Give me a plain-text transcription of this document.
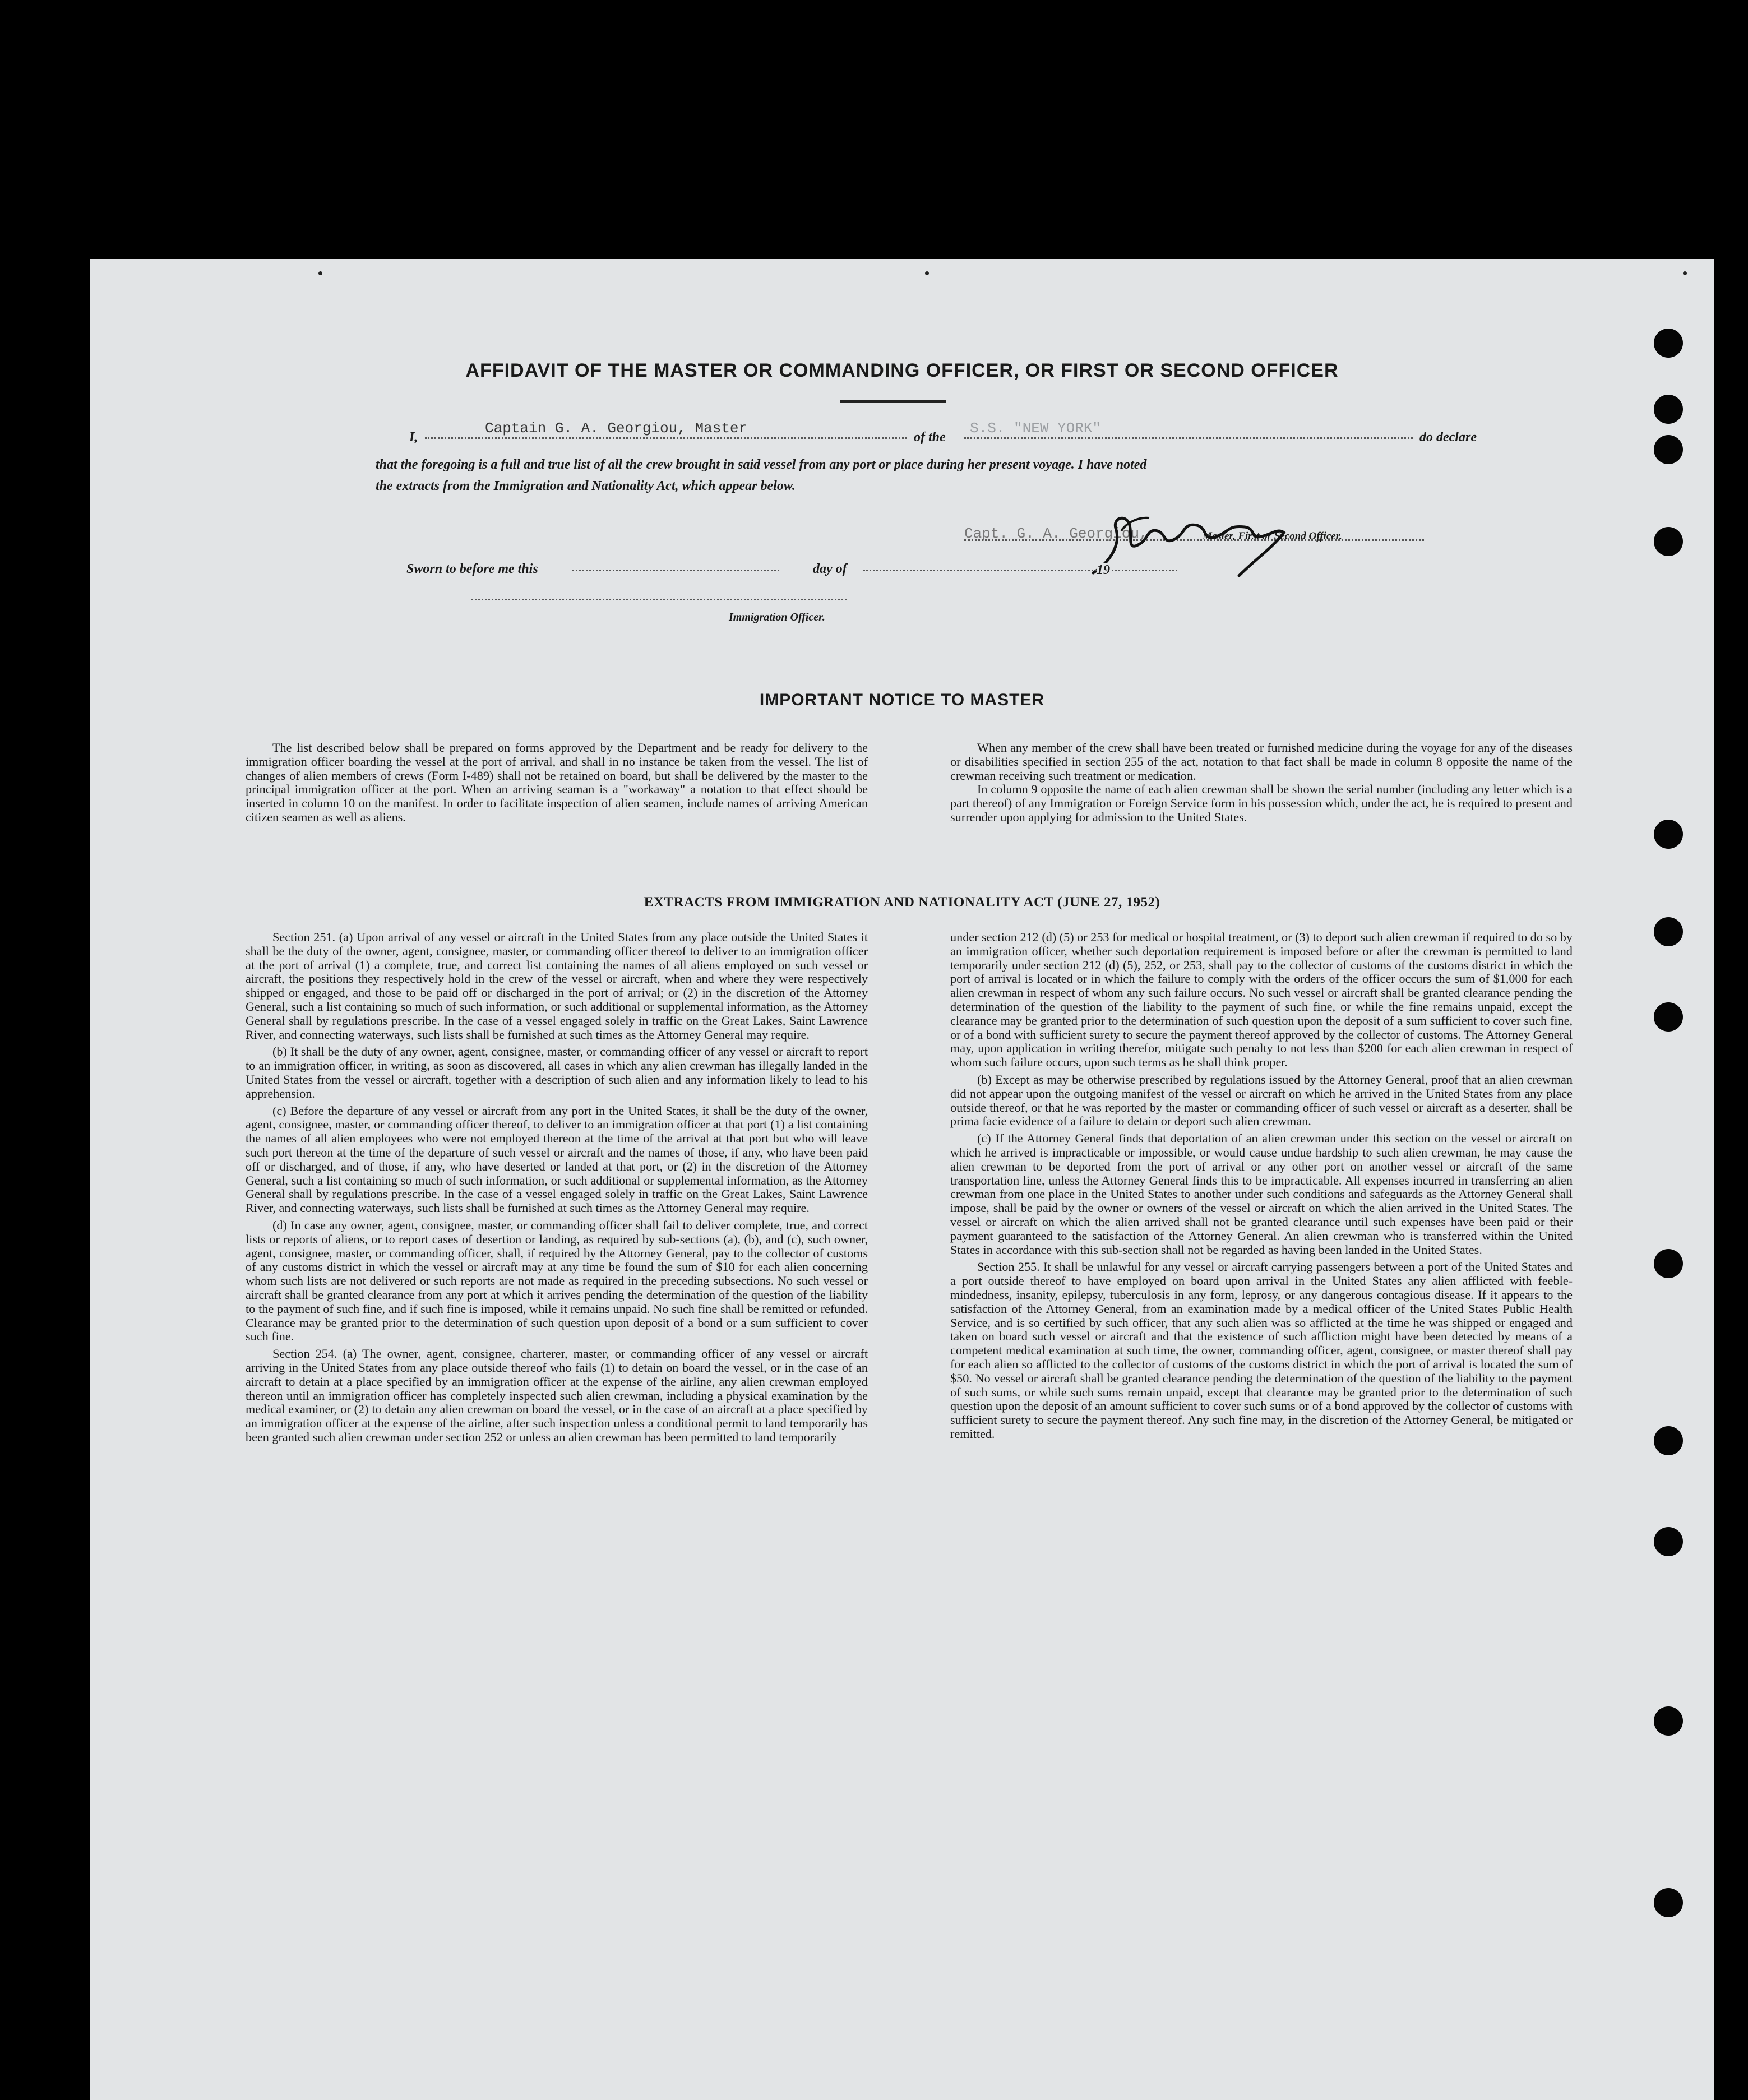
AFFIDAVIT OF THE MASTER OR COMMANDING OFFICER, OR FIRST OR SECOND OFFICER
I,
Captain G. A. Georgiou, Master
of the
S.S. "NEW YORK"
do declare
that the foregoing is a full and true list of all the crew brought in said vessel from any port or place during her present voyage. I have noted
the extracts from the Immigration and Nationality Act, which appear below.
Capt. G. A. Georgiou,	Master, First or Second Officer.
Sworn to before me this	day of	19
Immigration Officer.
IMPORTANT NOTICE TO MASTER

The list described below shall be prepared on forms approved by the Department and be ready for delivery to the immigration officer boarding the vessel at the port of arrival, and shall in no instance be taken from the vessel. The list of changes of alien members of crews (Form I-489) shall not be retained on board, but shall be delivered by the master to the principal immigration officer at the port. When an arriving seaman is a "workaway" a notation to that effect should be inserted in column 10 on the manifest. In order to facilitate inspection of alien seamen, include names of arriving American citizen seamen as well as aliens.

When any member of the crew shall have been treated or furnished medicine during the voyage for any of the diseases or disabilities specified in section 255 of the act, notation to that fact shall be made in column 8 opposite the name of the crewman receiving such treatment or medication.

In column 9 opposite the name of each alien crewman shall be shown the serial number (including any letter which is a part thereof) of any Immigration or Foreign Service form in his possession which, under the act, he is required to present and surrender upon applying for admission to the United States.

EXTRACTS FROM IMMIGRATION AND NATIONALITY ACT (JUNE 27, 1952)

Section 251. (a) Upon arrival of any vessel or aircraft in the United States from any place outside the United States it shall be the duty of the owner, agent, consignee, master, or commanding officer thereof to deliver to an immigration officer at the port of arrival (1) a complete, true, and correct list containing the names of all aliens employed on such vessel or aircraft, the positions they respectively hold in the crew of the vessel or aircraft, when and where they were respectively shipped or engaged, and those to be paid off or discharged in the port of arrival; or (2) in the discretion of the Attorney General, such a list containing so much of such information, or such additional or supplemental information, as the Attorney General shall by regulations prescribe. In the case of a vessel engaged solely in traffic on the Great Lakes, Saint Lawrence River, and connecting waterways, such lists shall be furnished at such times as the Attorney General may require.

(b) It shall be the duty of any owner, agent, consignee, master, or commanding officer of any vessel or aircraft to report to an immigration officer, in writing, as soon as discovered, all cases in which any alien crewman has illegally landed in the United States from the vessel or aircraft, together with a description of such alien and any information likely to lead to his apprehension.

(c) Before the departure of any vessel or aircraft from any port in the United States, it shall be the duty of the owner, agent, consignee, master, or commanding officer thereof, to deliver to an immigration officer at that port (1) a list containing the names of all alien employees who were not employed thereon at the time of the arrival at that port but who will leave such port thereon at the time of the departure of such vessel or aircraft and the names of those, if any, who have been paid off or discharged, and of those, if any, who have deserted or landed at that port, or (2) in the discretion of the Attorney General, such a list containing so much of such information, or such additional or supplemental information, as the Attorney General shall by regulations prescribe. In the case of a vessel engaged solely in traffic on the Great Lakes, Saint Lawrence River, and connecting waterways, such lists shall be furnished at such times as the Attorney General may require.

(d) In case any owner, agent, consignee, master, or commanding officer shall fail to deliver complete, true, and correct lists or reports of aliens, or to report cases of desertion or landing, as required by sub-sections (a), (b), and (c), such owner, agent, consignee, master, or commanding officer, shall, if required by the Attorney General, pay to the collector of customs of any customs district in which the vessel or aircraft may at any time be found the sum of $10 for each alien concerning whom such lists are not delivered or such reports are not made as required in the preceding subsections. No such vessel or aircraft shall be granted clearance from any port at which it arrives pending the determination of the question of the liability to the payment of such fine, and if such fine is imposed, while it remains unpaid. No such fine shall be remitted or refunded. Clearance may be granted prior to the determination of such question upon deposit of a bond or a sum sufficient to cover such fine.

Section 254. (a) The owner, agent, consignee, charterer, master, or commanding officer of any vessel or aircraft arriving in the United States from any place outside thereof who fails (1) to detain on board the vessel, or in the case of an aircraft to detain at a place specified by an immigration officer at the expense of the airline, any alien crewman employed thereon until an immigration officer has completely inspected such alien crewman, including a physical examination by the medical examiner, or (2) to detain any alien crewman on board the vessel, or in the case of an aircraft at a place specified by an immigration officer at the expense of the airline, after such inspection unless a conditional permit to land temporarily has been granted such alien crewman under section 252 or unless an alien crewman has been permitted to land temporarily

under section 212 (d) (5) or 253 for medical or hospital treatment, or (3) to deport such alien crewman if required to do so by an immigration officer, whether such deportation requirement is imposed before or after the crewman is permitted to land temporarily under section 212 (d) (5), 252, or 253, shall pay to the collector of customs of the customs district in which the port of arrival is located or in which the failure to comply with the orders of the officer occurs the sum of $1,000 for each alien crewman in respect of whom any such failure occurs. No such vessel or aircraft shall be granted clearance pending the determination of the question of the liability to the payment of such fine, or while the fine remains unpaid, except the clearance may be granted prior to the determination of such question upon the deposit of a sum sufficient to cover such fine, or of a bond with sufficient surety to secure the payment thereof approved by the collector of customs. The Attorney General may, upon application in writing therefor, mitigate such penalty to not less than $200 for each alien crewman in respect of whom such failure occurs, upon such terms as he shall think proper.

(b) Except as may be otherwise prescribed by regulations issued by the Attorney General, proof that an alien crewman did not appear upon the outgoing manifest of the vessel or aircraft on which he arrived in the United States from any place outside thereof, or that he was reported by the master or commanding officer of such vessel or aircraft as a deserter, shall be prima facie evidence of a failure to detain or deport such alien crewman.

(c) If the Attorney General finds that deportation of an alien crewman under this section on the vessel or aircraft on which he arrived is impracticable or impossible, or would cause undue hardship to such alien crewman, he may cause the alien crewman to be deported from the port of arrival or any other port on another vessel or aircraft of the same transportation line, unless the Attorney General finds this to be impracticable. All expenses incurred in transferring an alien crewman from one place in the United States to another under such conditions and safeguards as the Attorney General shall impose, shall be paid by the owner or owners of the vessel or aircraft on which the alien arrived in the United States. The vessel or aircraft on which the alien arrived shall not be granted clearance until such expenses have been paid or their payment guaranteed to the satisfaction of the Attorney General. An alien crewman who is transferred within the United States in accordance with this sub-section shall not be regarded as having been landed in the United States.

Section 255. It shall be unlawful for any vessel or aircraft carrying passengers between a port of the United States and a port outside thereof to have employed on board upon arrival in the United States any alien afflicted with feeble-mindedness, insanity, epilepsy, tuberculosis in any form, leprosy, or any dangerous contagious disease. If it appears to the satisfaction of the Attorney General, from an examination made by a medical officer of the United States Public Health Service, and is so certified by such officer, that any such alien was so afflicted at the time he was shipped or engaged and taken on board such vessel or aircraft and that the existence of such affliction might have been detected by means of a competent medical examination at such time, the owner, commanding officer, agent, consignee, or master thereof shall pay for each alien so afflicted to the collector of customs of the customs district in which the port of arrival is located the sum of $50. No vessel or aircraft shall be granted clearance pending the determination of the question of the liability to the payment of such sums, or while such sums remain unpaid, except that clearance may be granted prior to the determination of such question upon the deposit of an amount sufficient to cover such sums or of a bond approved by the collector of customs with sufficient surety to secure the payment thereof. Any such fine may, in the discretion of the Attorney General, be mitigated or remitted.
